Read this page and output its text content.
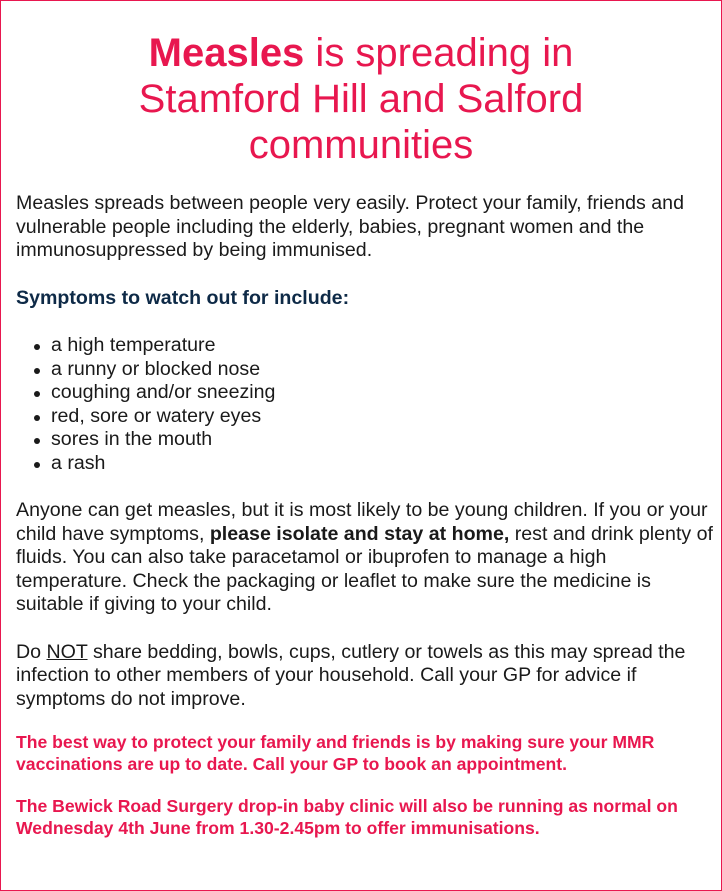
Measles is spreading in
Stamford Hill and Salford
communities

Measles spreads between people very easily. Protect your family, friends and vulnerable people including the elderly, babies, pregnant women and the immunosuppressed by being immunised.

Symptoms to watch out for include:

a high temperature
a runny or blocked nose
coughing and/or sneezing
red, sore or watery eyes
sores in the mouth
a rash

Anyone can get measles, but it is most likely to be young children. If you or your child have symptoms, please isolate and stay at home, rest and drink plenty of fluids. You can also take paracetamol or ibuprofen to manage a high temperature. Check the packaging or leaflet to make sure the medicine is suitable if giving to your child.

Do NOT share bedding, bowls, cups, cutlery or towels as this may spread the infection to other members of your household. Call your GP for advice if symptoms do not improve.

The best way to protect your family and friends is by making sure your MMR vaccinations are up to date. Call your GP to book an appointment.

The Bewick Road Surgery drop-in baby clinic will also be running as normal on Wednesday 4th June from 1.30-2.45pm to offer immunisations.
